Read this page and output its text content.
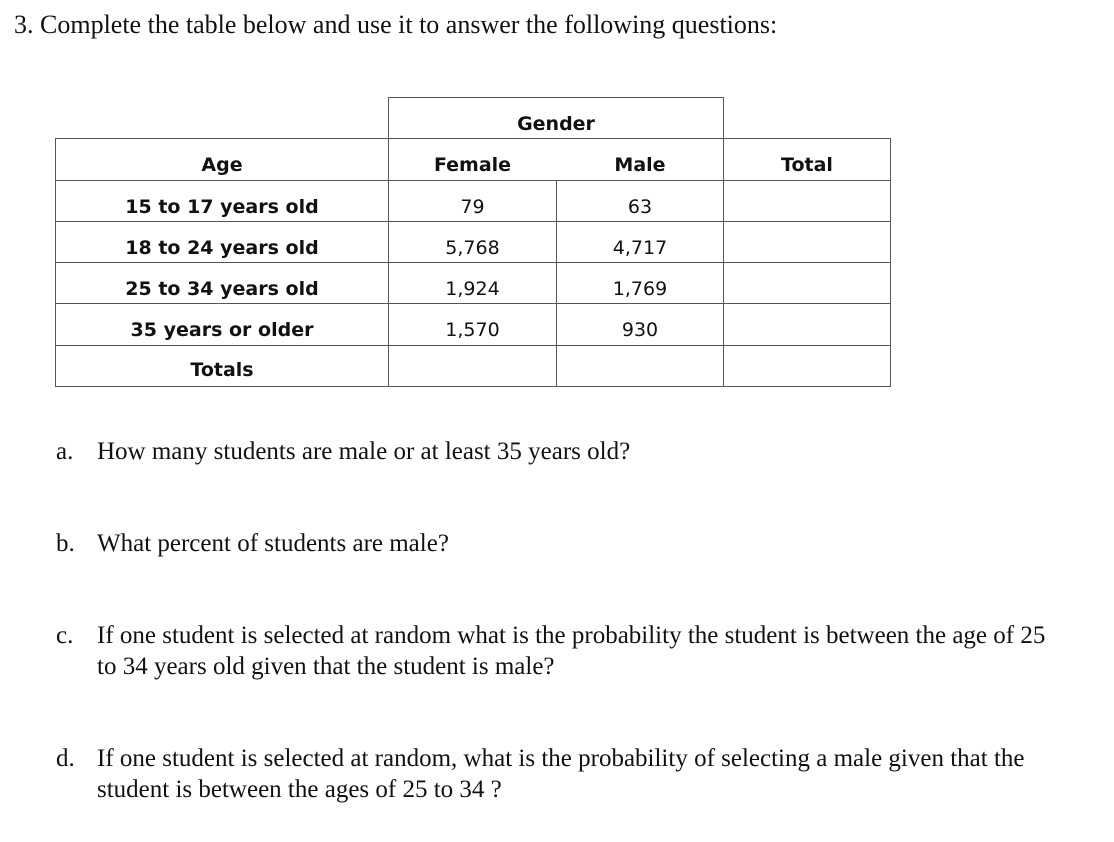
3. Complete the table below and use it to answer the following questions:
Gender
Age	Female	Male	Total
15 to 17 years old	79	63
18 to 24 years old	5,768	4,717
25 to 34 years old	1,924	1,769
35 years or older	1,570	930
Totals
a. How many students are male or at least 35 years old?
b. What percent of students are male?
c. If one student is selected at random what is the probability the student is between the age of 25 to 34 years old given that the student is male?
d. If one student is selected at random, what is the probability of selecting a male given that the student is between the ages of 25 to 34 ?
